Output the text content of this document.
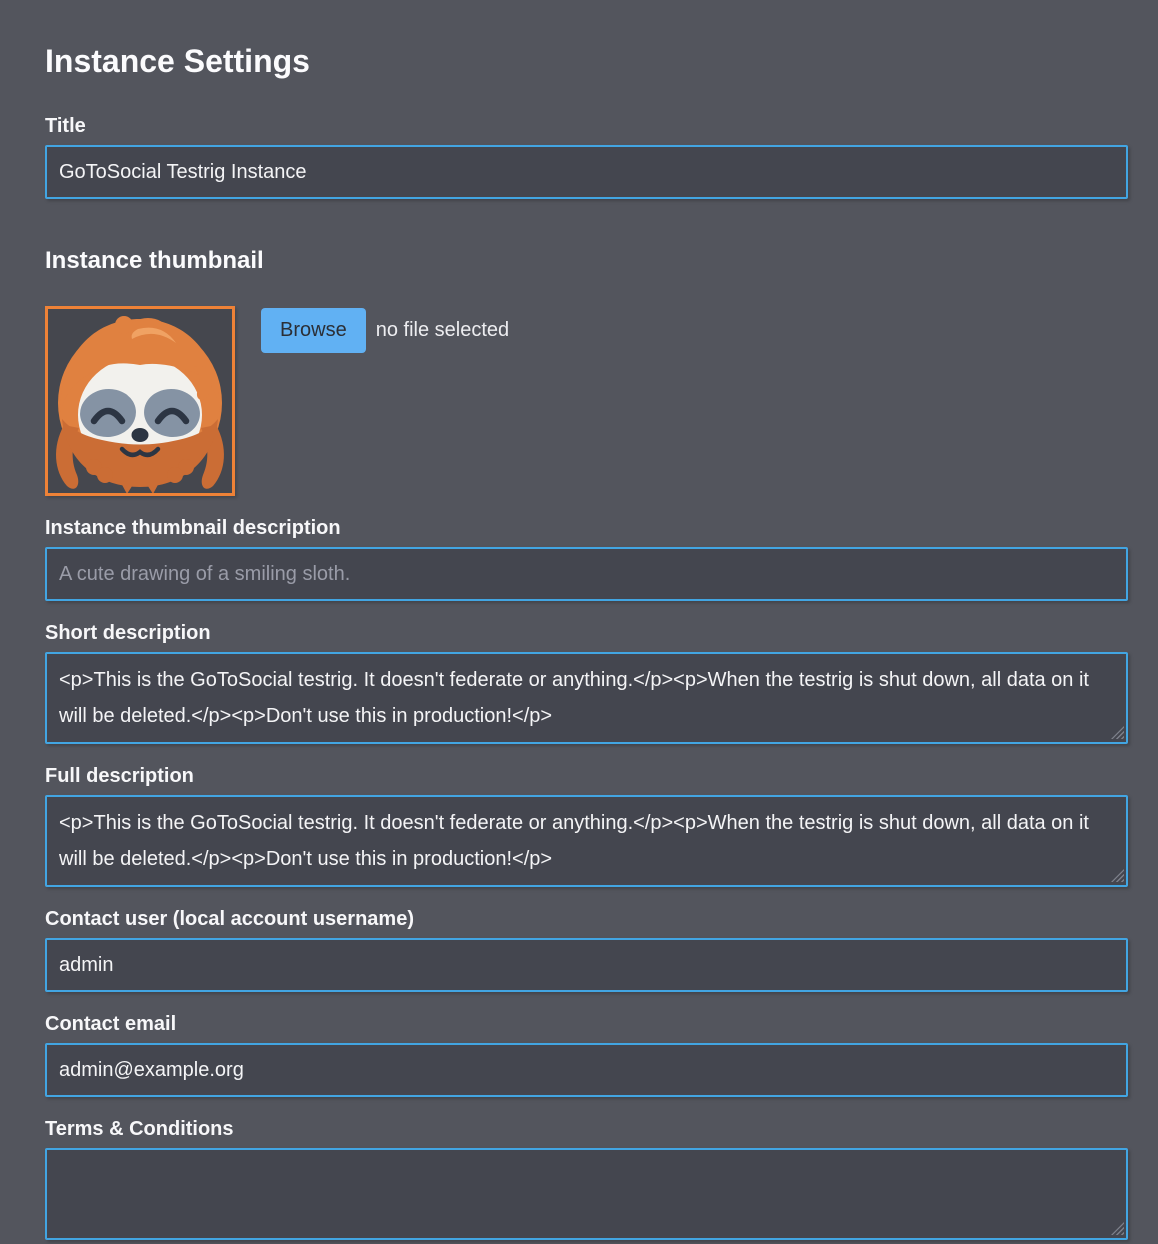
Instance Settings
Title
GoToSocial Testrig Instance
Instance thumbnail
Browse	no file selected
Instance thumbnail description
A cute drawing of a smiling sloth.
Short description
<p>This is the GoToSocial testrig. It doesn't federate or anything.</p><p>When the testrig is shut down, all data on it will be deleted.</p><p>Don't use this in production!</p>
Full description
<p>This is the GoToSocial testrig. It doesn't federate or anything.</p><p>When the testrig is shut down, all data on it will be deleted.</p><p>Don't use this in production!</p>
Contact user (local account username)
admin
Contact email
admin@example.org
Terms & Conditions
